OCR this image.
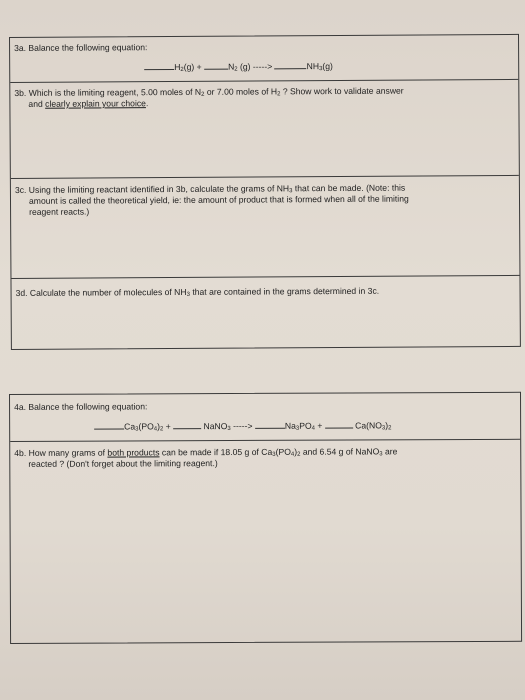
3a. Balance the following equation:
$H_2(g)$ +	$N_2$ (g) ----->	$NH_3(g)$
3b. Which is the limiting reagent, 5.00 moles of $N_2$ or 7.00 moles of $H_2$ ? Show work to validate answer
and clearly explain your choice.
3c. Using the limiting reactant identified in 3b, calculate the grams of $NH_3$ that can be made. (Note: this
amount is called the theoretical yield, ie: the amount of product that is formed when all of the limiting
reagent reacts.)
3d. Calculate the number of molecules of $NH_3$ that are contained in the grams determined in 3c.
4a. Balance the following equation:
$Ca_3(PO_4)_2$ +	NaNO$_3$ ----->	$Na_3PO_4$ +	$Ca(NO_3)_2$
4b. How many grams of both products can be made if 18.05 g of $Ca_3(PO_4)_2$ and 6.54 g of NaNO$_3$ are
reacted ? (Don't forget about the limiting reagent.)
